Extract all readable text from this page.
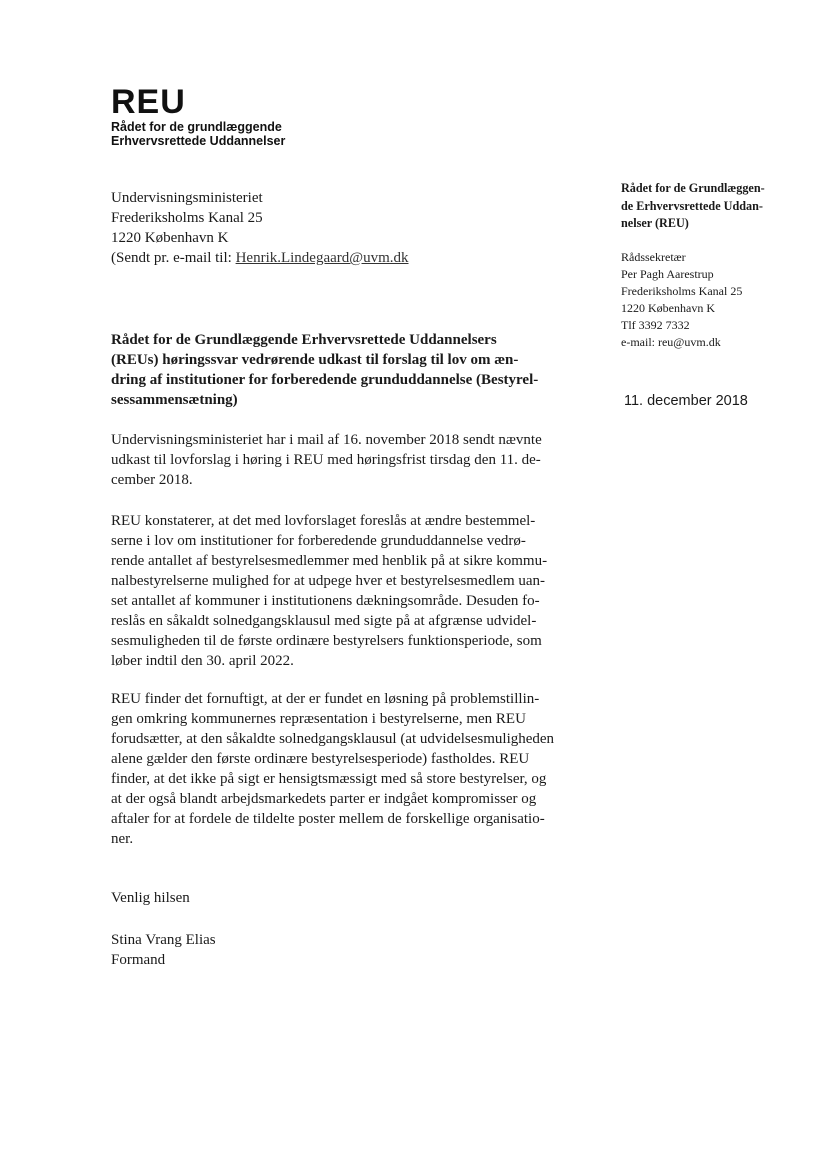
REU
Rådet for de grundlæggende
Erhvervsrettede Uddannelser
Undervisningsministeriet
Frederiksholms Kanal 25
1220 København K
(Sendt pr. e-mail til: Henrik.Lindegaard@uvm.dk
Rådet for de Grundlæggen-
de Erhvervsrettede Uddan-
nelser (REU)
Rådssekretær
Per Pagh Aarestrup
Frederiksholms Kanal 25
1220 København K
Tlf 3392 7332
e-mail: reu@uvm.dk
11. december 2018
Rådet for de Grundlæggende Erhvervsrettede Uddannelsers
(REUs) høringssvar vedrørende udkast til forslag til lov om æn-
dring af institutioner for forberedende grunduddannelse (Bestyrel-
sessammensætning)
Undervisningsministeriet har i mail af 16. november 2018 sendt nævnte
udkast til lovforslag i høring i REU med høringsfrist tirsdag den 11. de-
cember 2018.
REU konstaterer, at det med lovforslaget foreslås at ændre bestemmel-
serne i lov om institutioner for forberedende grunduddannelse vedrø-
rende antallet af bestyrelsesmedlemmer med henblik på at sikre kommu-
nalbestyrelserne mulighed for at udpege hver et bestyrelsesmedlem uan-
set antallet af kommuner i institutionens dækningsområde. Desuden fo-
reslås en såkaldt solnedgangsklausul med sigte på at afgrænse udvidel-
sesmuligheden til de første ordinære bestyrelsers funktionsperiode, som
løber indtil den 30. april 2022.
REU finder det fornuftigt, at der er fundet en løsning på problemstillin-
gen omkring kommunernes repræsentation i bestyrelserne, men REU
forudsætter, at den såkaldte solnedgangsklausul (at udvidelsesmuligheden
alene gælder den første ordinære bestyrelsesperiode) fastholdes. REU
finder, at det ikke på sigt er hensigtsmæssigt med så store bestyrelser, og
at der også blandt arbejdsmarkedets parter er indgået kompromisser og
aftaler for at fordele de tildelte poster mellem de forskellige organisatio-
ner.
Venlig hilsen
Stina Vrang Elias
Formand
